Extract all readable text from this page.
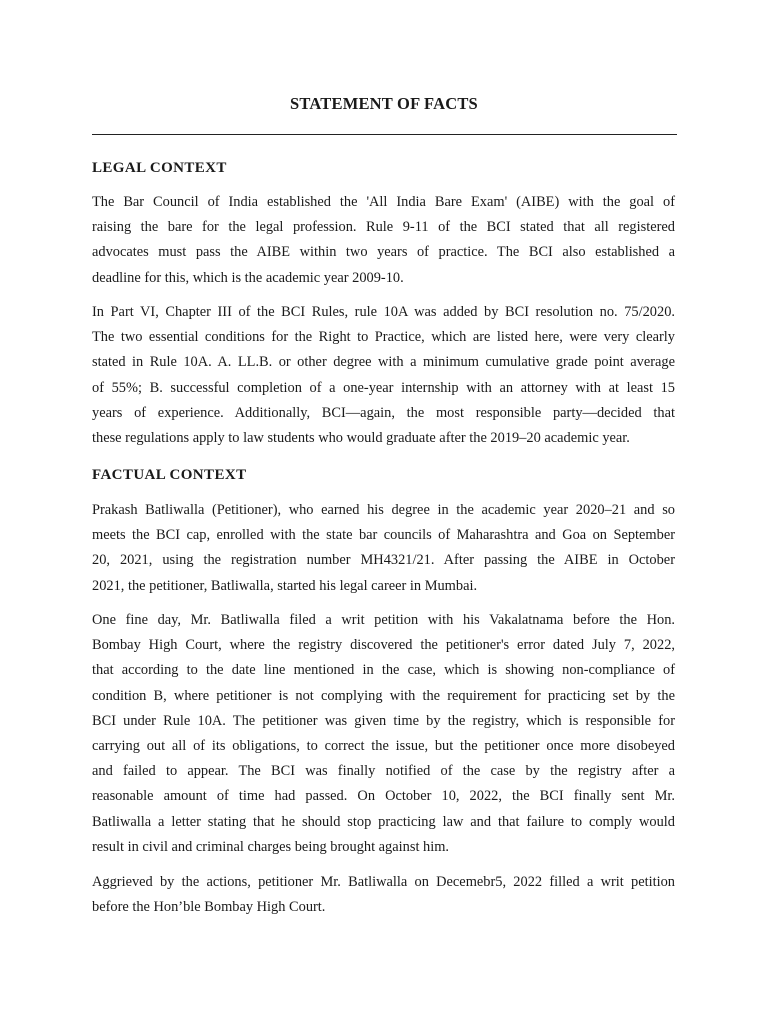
STATEMENT OF FACTS
LEGAL CONTEXT
The Bar Council of India established the 'All India Bare Exam' (AIBE) with the goal of
raising the bare for the legal profession. Rule 9-11 of the BCI stated that all registered
advocates must pass the AIBE within two years of practice. The BCI also established a
deadline for this, which is the academic year 2009-10.
In Part VI, Chapter III of the BCI Rules, rule 10A was added by BCI resolution no. 75/2020.
The two essential conditions for the Right to Practice, which are listed here, were very clearly
stated in Rule 10A. A. LL.B. or other degree with a minimum cumulative grade point average
of 55%; B. successful completion of a one-year internship with an attorney with at least 15
years of experience. Additionally, BCI—again, the most responsible party—decided that
these regulations apply to law students who would graduate after the 2019–20 academic year.
FACTUAL CONTEXT
Prakash Batliwalla (Petitioner), who earned his degree in the academic year 2020–21 and so
meets the BCI cap, enrolled with the state bar councils of Maharashtra and Goa on September
20, 2021, using the registration number MH4321/21. After passing the AIBE in October
2021, the petitioner, Batliwalla, started his legal career in Mumbai.
One fine day, Mr. Batliwalla filed a writ petition with his Vakalatnama before the Hon.
Bombay High Court, where the registry discovered the petitioner's error dated July 7, 2022,
that according to the date line mentioned in the case, which is showing non-compliance of
condition B, where petitioner is not complying with the requirement for practicing set by the
BCI under Rule 10A. The petitioner was given time by the registry, which is responsible for
carrying out all of its obligations, to correct the issue, but the petitioner once more disobeyed
and failed to appear. The BCI was finally notified of the case by the registry after a
reasonable amount of time had passed. On October 10, 2022, the BCI finally sent Mr.
Batliwalla a letter stating that he should stop practicing law and that failure to comply would
result in civil and criminal charges being brought against him.
Aggrieved by the actions, petitioner Mr. Batliwalla on Decemebr5, 2022 filled a writ petition
before the Hon’ble Bombay High Court.
